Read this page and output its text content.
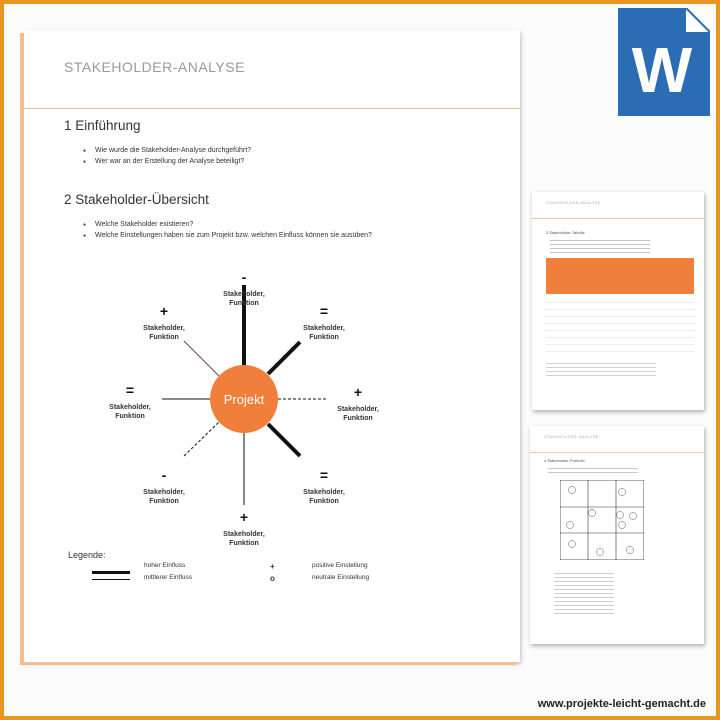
STAKEHOLDER-ANALYSE
1 Einführung
● Wie wurde die Stakeholder-Analyse durchgeführt?
● Wer war an der Erstellung der Analyse beteiligt?
2 Stakeholder-Übersicht
● Welche Stakeholder existieren?
● Welche Einstellungen haben sie zum Projekt bzw. welchen Einfluss können sie ausüben?
Projekt
-
Stakeholder,
Funktion	=
Stakeholder,
Funktion
+
Stakeholder,
Funktion
=
Stakeholder,
Funktion
+
Stakeholder,
Funktion
-
Stakeholder,
Funktion
=
Stakeholder,
Funktion
+
Stakeholder,
Funktion
Legende:
hoher Einfluss
mittlerer Einfluss
+	positive Einstellung
o	neutrale Einstellung
STAKEHOLDER-ANALYSE
3 Stakeholder-Tabelle
STAKEHOLDER-ANALYSE
4 Stakeholder-Portfolio
W
www.projekte-leicht-gemacht.de
